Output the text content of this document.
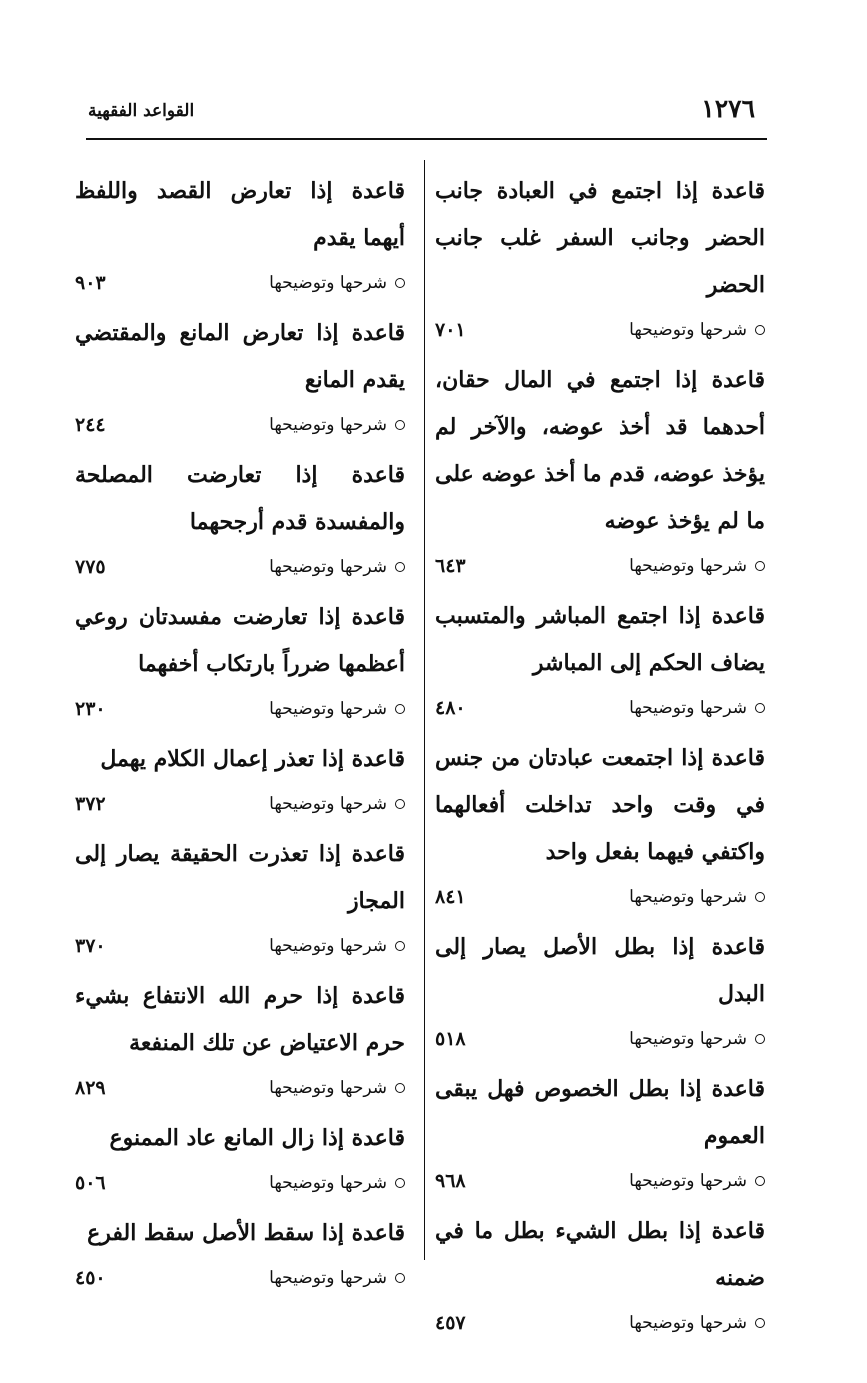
١٢٧٦
القواعد الفقهية
قاعدة إذا اجتمع في العبادة جانب الحضر وجانب السفر غلب جانب الحضر
شرحها وتوضيحها
٧٠١
قاعدة إذا اجتمع في المال حقان، أحدهما قد أخذ عوضه، والآخر لم يؤخذ عوضه، قدم ما أخذ عوضه على ما لم يؤخذ عوضه
شرحها وتوضيحها
٦٤٣
قاعدة إذا اجتمع المباشر والمتسبب يضاف الحكم إلى المباشر
شرحها وتوضيحها
٤٨٠
قاعدة إذا اجتمعت عبادتان من جنس في وقت واحد تداخلت أفعالهما واكتفي فيهما بفعل واحد
شرحها وتوضيحها
٨٤١
قاعدة إذا بطل الأصل يصار إلى البدل
شرحها وتوضيحها
٥١٨
قاعدة إذا بطل الخصوص فهل يبقى العموم
شرحها وتوضيحها
٩٦٨
قاعدة إذا بطل الشيء بطل ما في ضمنه
شرحها وتوضيحها
٤٥٧
قاعدة إذا تعارض القصد واللفظ أيهما يقدم
شرحها وتوضيحها
٩٠٣
قاعدة إذا تعارض المانع والمقتضي يقدم المانع
شرحها وتوضيحها
٢٤٤
قاعدة إذا تعارضت المصلحة والمفسدة قدم أرجحهما
شرحها وتوضيحها
٧٧٥
قاعدة إذا تعارضت مفسدتان روعي أعظمها ضرراً بارتكاب أخفهما
شرحها وتوضيحها
٢٣٠
قاعدة إذا تعذر إعمال الكلام يهمل
شرحها وتوضيحها
٣٧٢
قاعدة إذا تعذرت الحقيقة يصار إلى المجاز
شرحها وتوضيحها
٣٧٠
قاعدة إذا حرم الله الانتفاع بشيء حرم الاعتياض عن تلك المنفعة
شرحها وتوضيحها
٨٢٩
قاعدة إذا زال المانع عاد الممنوع
شرحها وتوضيحها
٥٠٦
قاعدة إذا سقط الأصل سقط الفرع
شرحها وتوضيحها
٤٥٠
